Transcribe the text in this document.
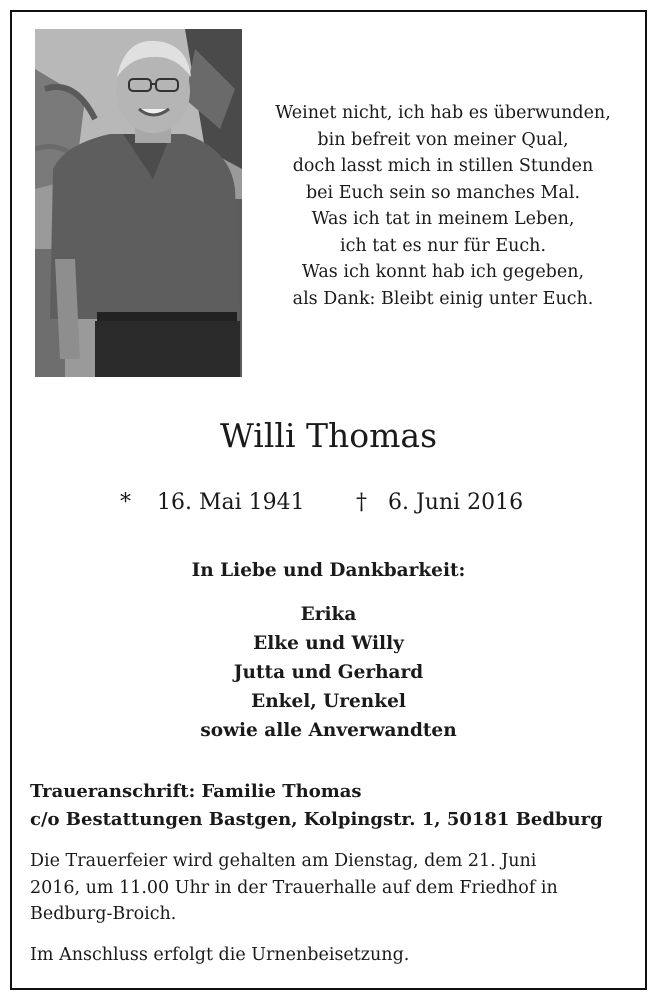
Weinet nicht, ich hab es überwunden,
bin befreit von meiner Qual,
doch lasst mich in stillen Stunden
bei Euch sein so manches Mal.
Was ich tat in meinem Leben,
ich tat es nur für Euch.
Was ich konnt hab ich gegeben,
als Dank: Bleibt einig unter Euch.
Willi Thomas
* 16. Mai 1941 † 6. Juni 2016
In Liebe und Dankbarkeit:
Erika
Elke und Willy
Jutta und Gerhard
Enkel, Urenkel
sowie alle Anverwandten
Traueranschrift: Familie Thomas
c/o Bestattungen Bastgen, Kolpingstr. 1, 50181 Bedburg
Die Trauerfeier wird gehalten am Dienstag, dem 21. Juni
2016, um 11.00 Uhr in der Trauerhalle auf dem Friedhof in
Bedburg-Broich.
Im Anschluss erfolgt die Urnenbeisetzung.
